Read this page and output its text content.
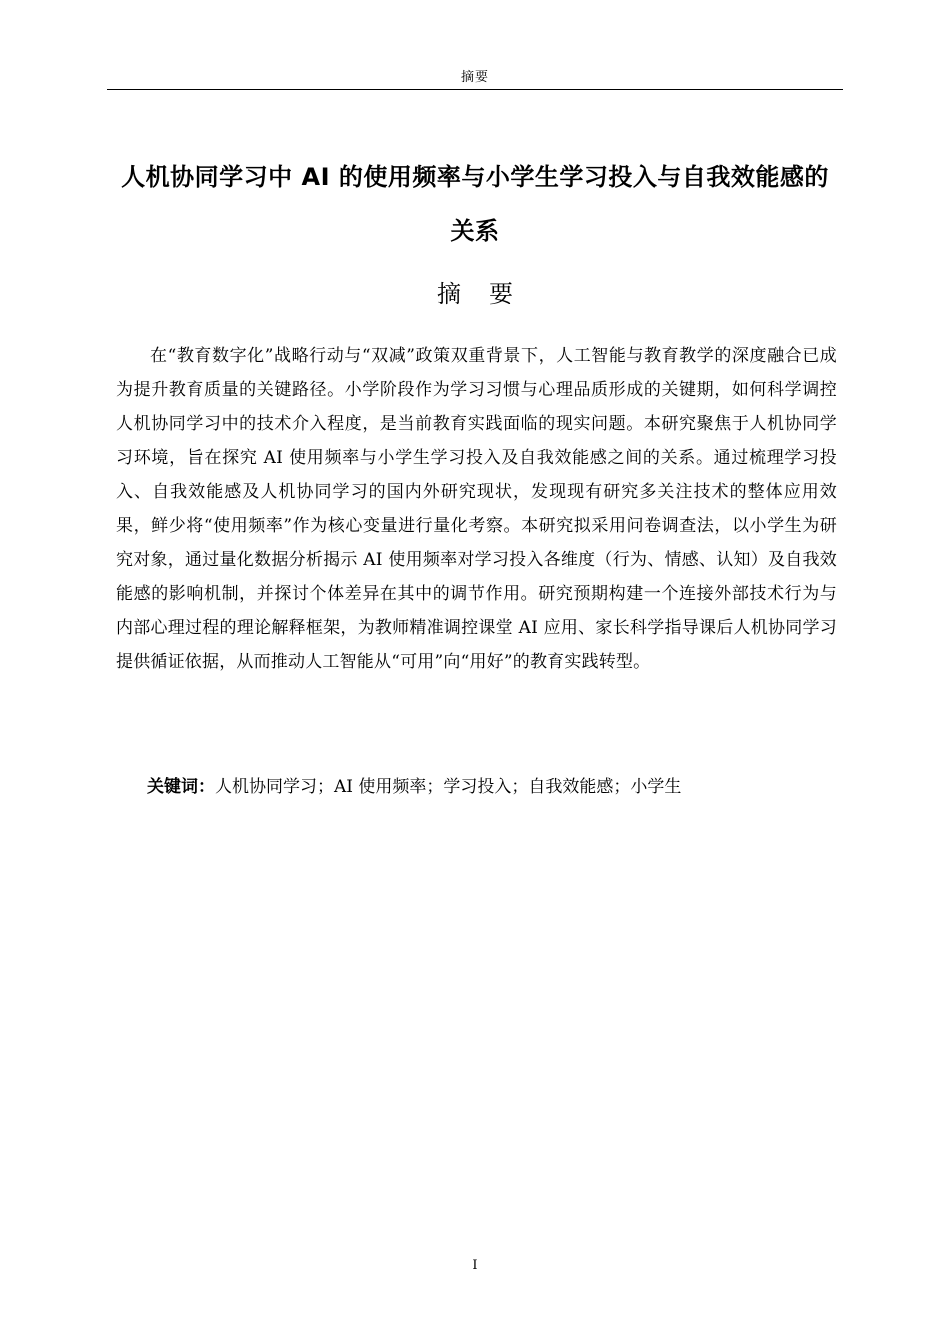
摘要
人机协同学习中 AI 的使用频率与小学生学习投入与自我效能感的关系
摘要
在“教育数字化”战略行动与“双减”政策双重背景下，人工智能与教育教学的深度融合已成为提升教育质量的关键路径。小学阶段作为学习习惯与心理品质形成的关键期，如何科学调控人机协同学习中的技术介入程度，是当前教育实践面临的现实问题。本研究聚焦于人机协同学习环境，旨在探究 AI 使用频率与小学生学习投入及自我效能感之间的关系。通过梳理学习投入、自我效能感及人机协同学习的国内外研究现状，发现现有研究多关注技术的整体应用效果，鲜少将“使用频率”作为核心变量进行量化考察。本研究拟采用问卷调查法，以小学生为研究对象，通过量化数据分析揭示 AI 使用频率对学习投入各维度（行为、情感、认知）及自我效能感的影响机制，并探讨个体差异在其中的调节作用。研究预期构建一个连接外部技术行为与内部心理过程的理论解释框架，为教师精准调控课堂 AI 应用、家长科学指导课后人机协同学习提供循证依据，从而推动人工智能从“可用”向“用好”的教育实践转型。
关键词：人机协同学习；AI 使用频率；学习投入；自我效能感；小学生
I
